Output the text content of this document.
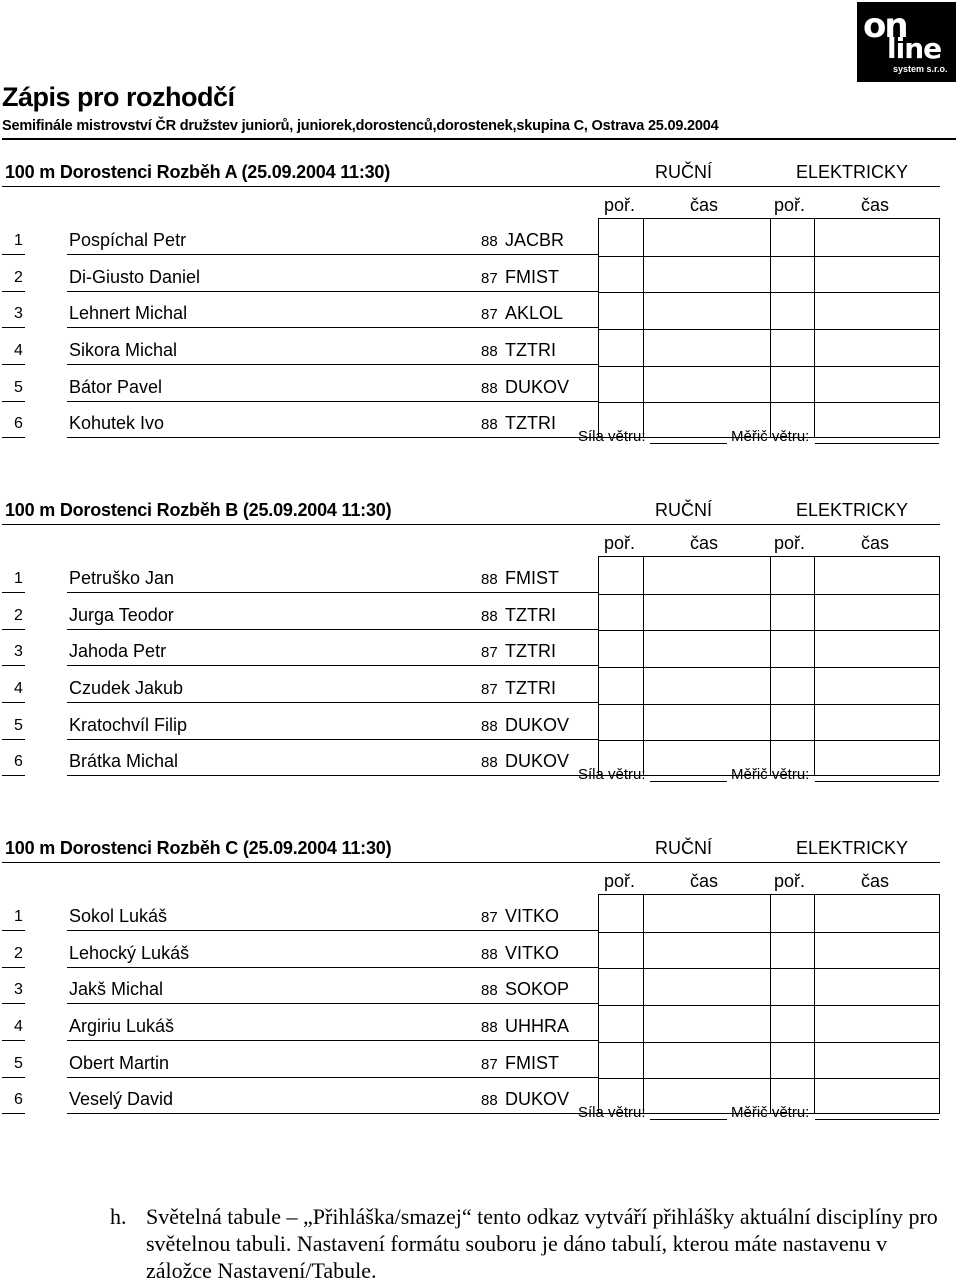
on
line
system s.r.o.
Zápis pro rozhodčí
Semifinále mistrovství ČR družstev juniorů, juniorek,dorostenců,dorostenek,skupina C, Ostrava 25.09.2004
100 m Dorostenci Rozběh A (25.09.2004 11:30)	RUČNÍ	ELEKTRICKY
poř.	čas	poř.	čas
1	Pospíchal Petr	88 JACBR
2	Di-Giusto Daniel	87 FMIST
3	Lehnert Michal	87 AKLOL
4	Sikora Michal	88 TZTRI
5	Bátor Pavel	88 DUKOV
6	Kohutek Ivo	88 TZTRI
Síla větru:	Měřič větru:
100 m Dorostenci Rozběh B (25.09.2004 11:30)	RUČNÍ	ELEKTRICKY
poř.	čas	poř.	čas
1	Petruško Jan	88 FMIST
2	Jurga Teodor	88 TZTRI
3	Jahoda Petr	87 TZTRI
4	Czudek Jakub	87 TZTRI
5	Kratochvíl Filip	88 DUKOV
6	Brátka Michal	88 DUKOV
Síla větru:	Měřič větru:
100 m Dorostenci Rozběh C (25.09.2004 11:30)	RUČNÍ	ELEKTRICKY
poř.	čas	poř.	čas
1	Sokol Lukáš	87 VITKO
2	Lehocký Lukáš	88 VITKO
3	Jakš Michal	88 SOKOP
4	Argiriu Lukáš	88 UHHRA
5	Obert Martin	87 FMIST
6	Veselý David	88 DUKOV
Síla větru:	Měřič větru:
h. Světelná tabule – „Přihláška/smazej“ tento odkaz vytváří přihlášky aktuální disciplíny pro světelnou tabuli. Nastavení formátu souboru je dáno tabulí, kterou máte nastavenu v záložce Nastavení/Tabule.
